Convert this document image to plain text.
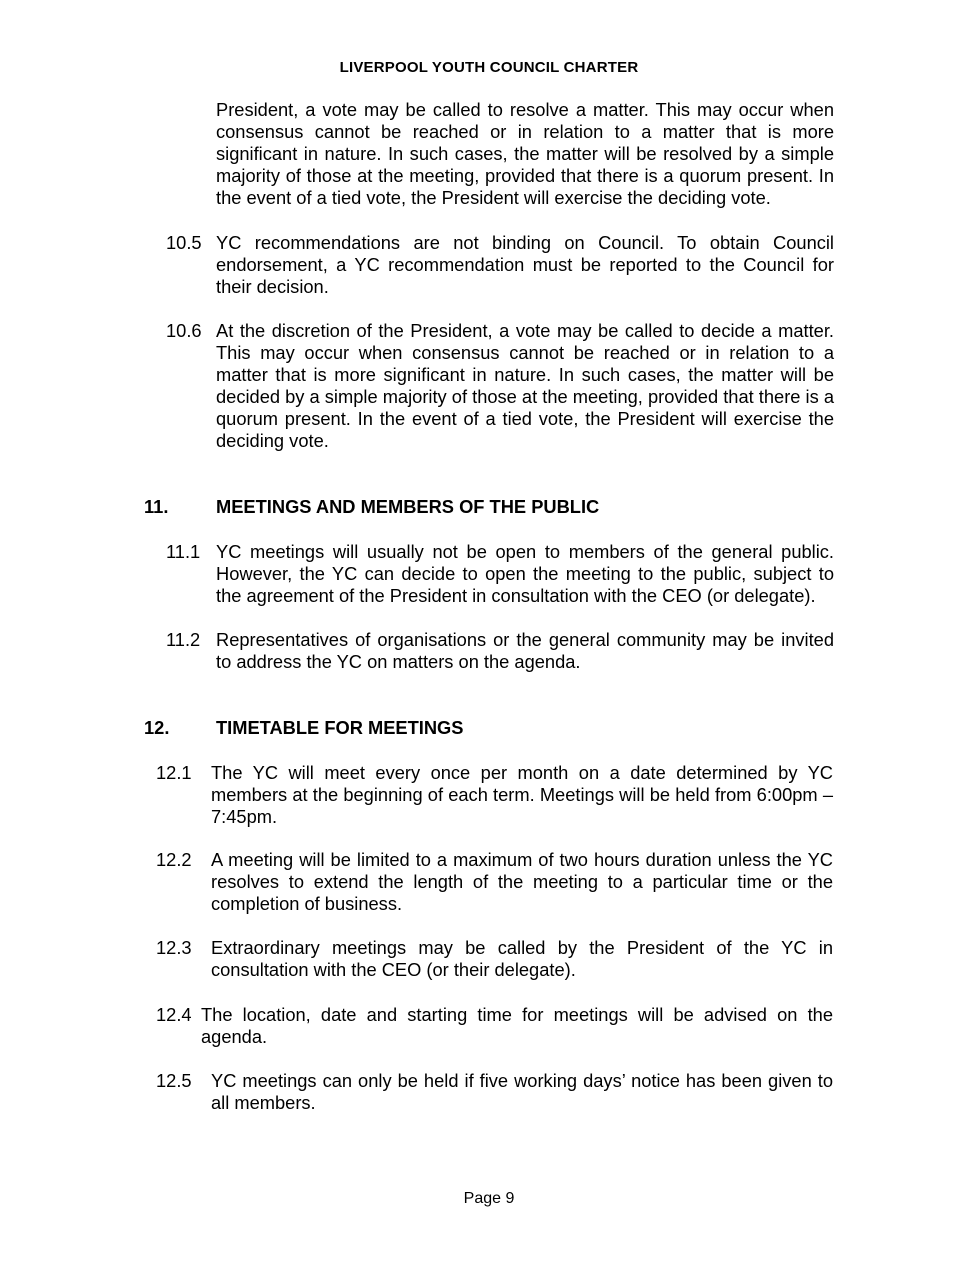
LIVERPOOL YOUTH COUNCIL CHARTER
President, a vote may be called to resolve a matter. This may occur when consensus cannot be reached or in relation to a matter that is more significant in nature. In such cases, the matter will be resolved by a simple majority of those at the meeting, provided that there is a quorum present. In the event of a tied vote, the President will exercise the deciding vote.
10.5 YC recommendations are not binding on Council. To obtain Council endorsement, a YC recommendation must be reported to the Council for their decision.
10.6 At the discretion of the President, a vote may be called to decide a matter. This may occur when consensus cannot be reached or in relation to a matter that is more significant in nature. In such cases, the matter will be decided by a simple majority of those at the meeting, provided that there is a quorum present. In the event of a tied vote, the President will exercise the deciding vote.
11.	MEETINGS AND MEMBERS OF THE PUBLIC
11.1 YC meetings will usually not be open to members of the general public. However, the YC can decide to open the meeting to the public, subject to the agreement of the President in consultation with the CEO (or delegate).
11.2 Representatives of organisations or the general community may be invited to address the YC on matters on the agenda.
12.	TIMETABLE FOR MEETINGS
12.1 The YC will meet every once per month on a date determined by YC members at the beginning of each term. Meetings will be held from 6:00pm – 7:45pm.
12.2 A meeting will be limited to a maximum of two hours duration unless the YC resolves to extend the length of the meeting to a particular time or the completion of business.
12.3 Extraordinary meetings may be called by the President of the YC in consultation with the CEO (or their delegate).
12.4 The location, date and starting time for meetings will be advised on the agenda.
12.5 YC meetings can only be held if five working days’ notice has been given to all members.
Page 9
